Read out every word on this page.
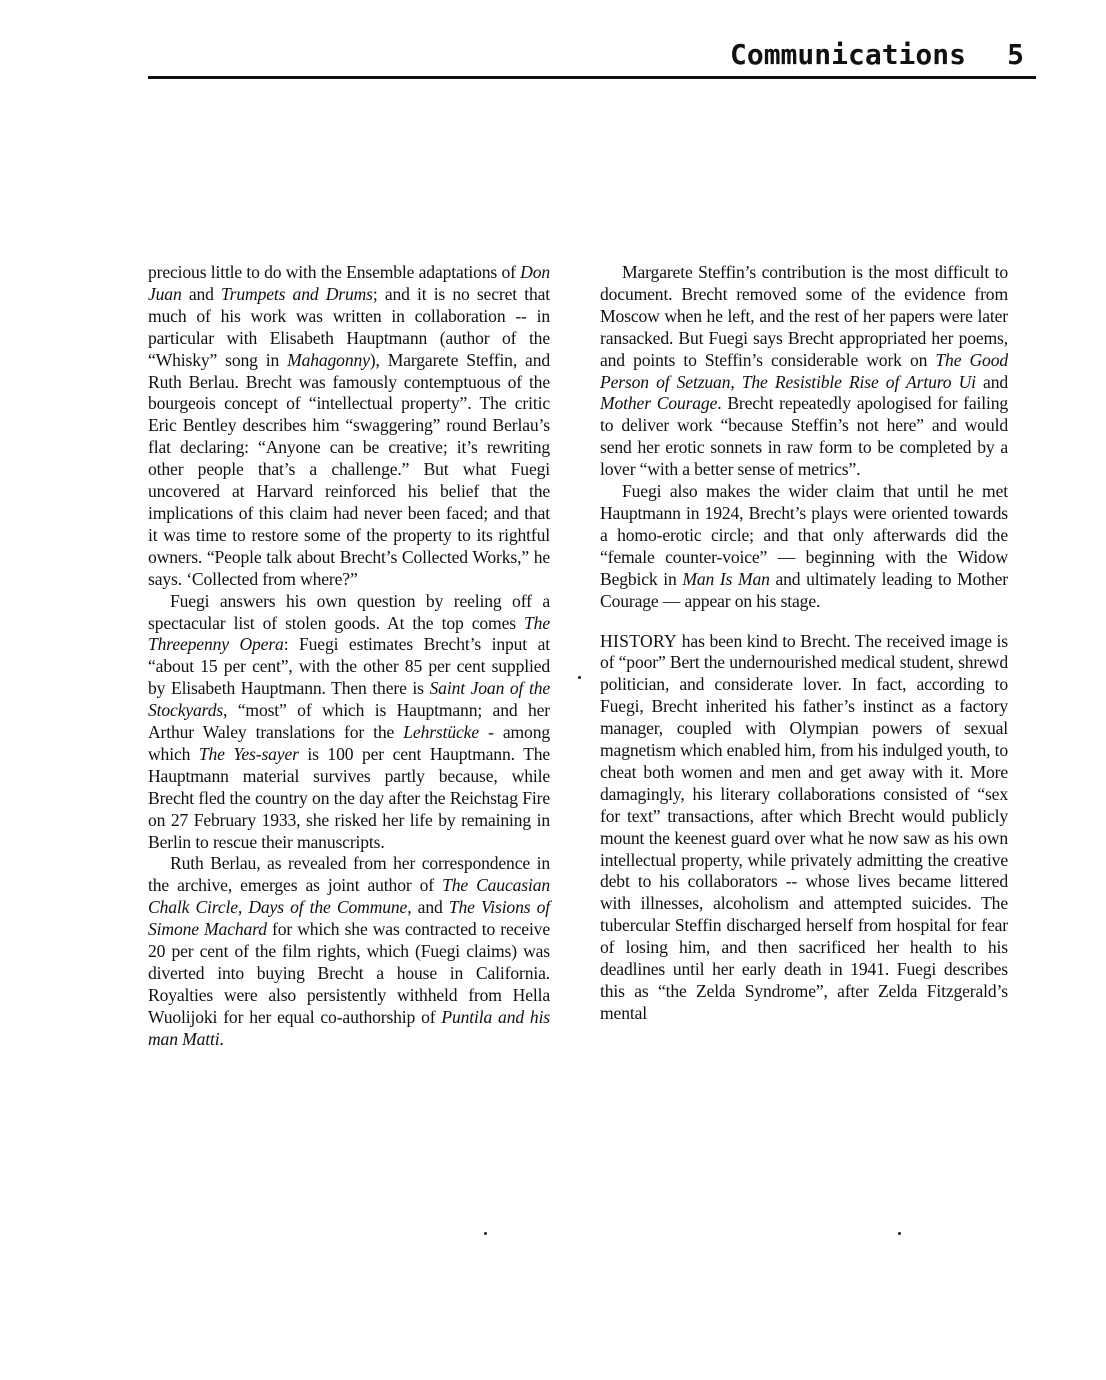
Communications 5

precious little to do with the Ensemble adaptations of Don Juan and Trumpets and Drums; and it is no secret that much of his work was written in collaboration -- in particular with Elisabeth Hauptmann (author of the “Whisky” song in Mahagonny), Margarete Steffin, and Ruth Berlau. Brecht was famously contemptuous of the bourgeois concept of “intellectual property”. The critic Eric Bentley describes him “swaggering” round Berlau’s flat declaring: “Anyone can be creative; it’s rewriting other people that’s a challenge.” But what Fuegi uncovered at Harvard reinforced his belief that the implications of this claim had never been faced; and that it was time to restore some of the property to its rightful owners. “People talk about Brecht’s Collected Works,” he says. ‘Collected from where?”

Fuegi answers his own question by reeling off a spectacular list of stolen goods. At the top comes The Threepenny Opera: Fuegi estimates Brecht’s input at “about 15 per cent”, with the other 85 per cent supplied by Elisabeth Hauptmann. Then there is Saint Joan of the Stockyards, “most” of which is Hauptmann; and her Arthur Waley translations for the Lehrstücke - among which The Yes-sayer is 100 per cent Hauptmann. The Hauptmann material survives partly because, while Brecht fled the country on the day after the Reichstag Fire on 27 February 1933, she risked her life by remaining in Berlin to rescue their manuscripts.

Ruth Berlau, as revealed from her correspondence in the archive, emerges as joint author of The Caucasian Chalk Circle, Days of the Commune, and The Visions of Simone Machard for which she was contracted to receive 20 per cent of the film rights, which (Fuegi claims) was diverted into buying Brecht a house in California. Royalties were also persistently withheld from Hella Wuolijoki for her equal co-authorship of Puntila and his man Matti.

Margarete Steffin’s contribution is the most difficult to document. Brecht removed some of the evidence from Moscow when he left, and the rest of her papers were later ransacked. But Fuegi says Brecht appropriated her poems, and points to Steffin’s considerable work on The Good Person of Setzuan, The Resistible Rise of Arturo Ui and Mother Courage. Brecht repeatedly apologised for failing to deliver work “because Steffin’s not here” and would send her erotic sonnets in raw form to be completed by a lover “with a better sense of metrics”.

Fuegi also makes the wider claim that until he met Hauptmann in 1924, Brecht’s plays were oriented towards a homo-erotic circle; and that only afterwards did the “female counter-voice” — beginning with the Widow Begbick in Man Is Man and ultimately leading to Mother Courage — appear on his stage.

HISTORY has been kind to Brecht. The received image is of “poor” Bert the undernourished medical student, shrewd politician, and considerate lover. In fact, according to Fuegi, Brecht inherited his father’s instinct as a factory manager, coupled with Olympian powers of sexual magnetism which enabled him, from his indulged youth, to cheat both women and men and get away with it. More damagingly, his literary collaborations consisted of “sex for text” transactions, after which Brecht would publicly mount the keenest guard over what he now saw as his own intellectual property, while privately admitting the creative debt to his collaborators -- whose lives became littered with illnesses, alcoholism and attempted suicides. The tubercular Steffin discharged herself from hospital for fear of losing him, and then sacrificed her health to his deadlines until her early death in 1941. Fuegi describes this as “the Zelda Syndrome”, after Zelda Fitzgerald’s mental
